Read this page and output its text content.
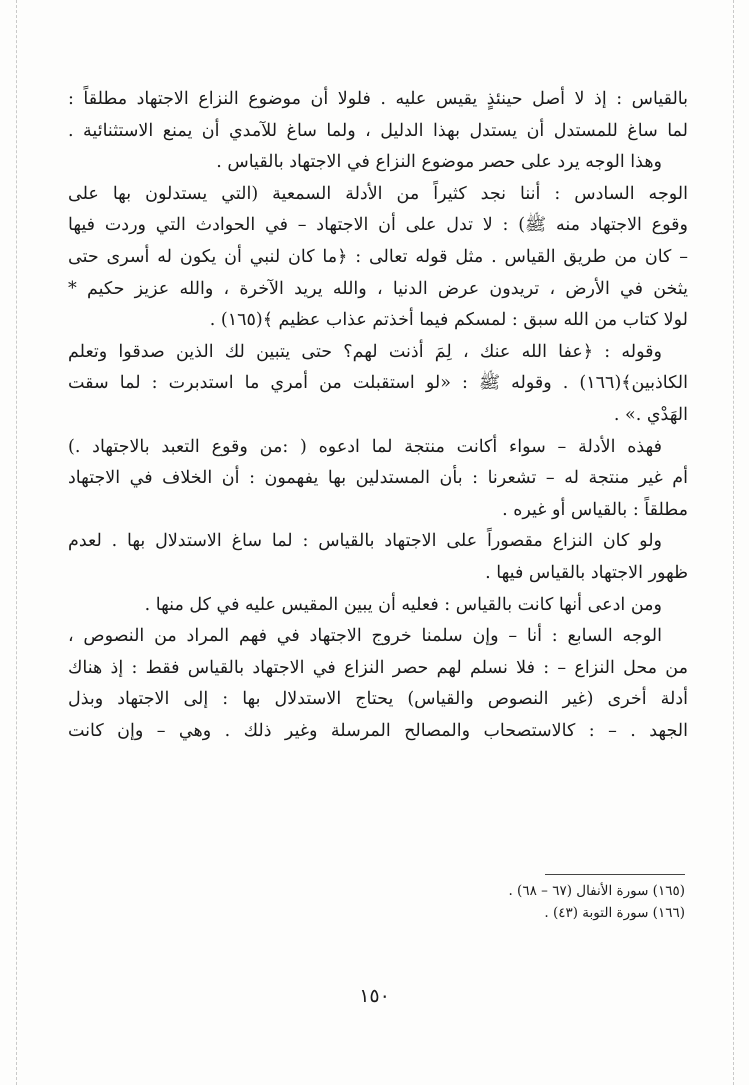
بالقياس : إذ لا أصل حينئذٍ يقيس عليه . فلولا أن موضوع النزاع الاجتهاد مطلقاً :
لما ساغ للمستدل أن يستدل بهذا الدليل ، ولما ساغ للآمدي أن يمنع الاستثنائية .
وهذا الوجه يرد على حصر موضوع النزاع في الاجتهاد بالقياس .
الوجه السادس : أننا نجد كثيراً من الأدلة السمعية (التي يستدلون بها على
وقوع الاجتهاد منه ﷺ) : لا تدل على أن الاجتهاد – في الحوادث التي وردت فيها
– كان من طريق القياس . مثل قوله تعالى : ﴿ما كان لنبي أن يكون له أسرى حتى
يثخن في الأرض ، تريدون عرض الدنيا ، والله يريد الآخرة ، والله عزيز حكيم *
لولا كتاب من الله سبق : لمسكم فيما أخذتم عذاب عظيم ﴾(١٦٥) .
وقوله : ﴿عفا الله عنك ، لِمَ أذنت لهم؟ حتى يتبين لك الذين صدقوا وتعلم
الكاذبين﴾(١٦٦) . وقوله ﷺ : «لو استقبلت من أمري ما استدبرت : لما سقت
الهَدْي .» .
فهذه الأدلة – سواء أكانت منتجة لما ادعوه ( :من وقوع التعبد بالاجتهاد .)
أم غير منتجة له – تشعرنا : بأن المستدلين بها يفهمون : أن الخلاف في الاجتهاد
مطلقاً : بالقياس أو غيره .
ولو كان النزاع مقصوراً على الاجتهاد بالقياس : لما ساغ الاستدلال بها . لعدم
ظهور الاجتهاد بالقياس فيها .
ومن ادعى أنها كانت بالقياس : فعليه أن يبين المقيس عليه في كل منها .
الوجه السابع : أنا – وإن سلمنا خروج الاجتهاد في فهم المراد من النصوص ،
من محل النزاع – : فلا نسلم لهم حصر النزاع في الاجتهاد بالقياس فقط : إذ هناك
أدلة أخرى (غير النصوص والقياس) يحتاج الاستدلال بها : إلى الاجتهاد وبذل
الجهد . – : كالاستصحاب والمصالح المرسلة وغير ذلك . وهي – وإن كانت
(١٦٥) سورة الأنفال (٦٧ – ٦٨) .
(١٦٦) سورة التوبة (٤٣) .
١٥٠
